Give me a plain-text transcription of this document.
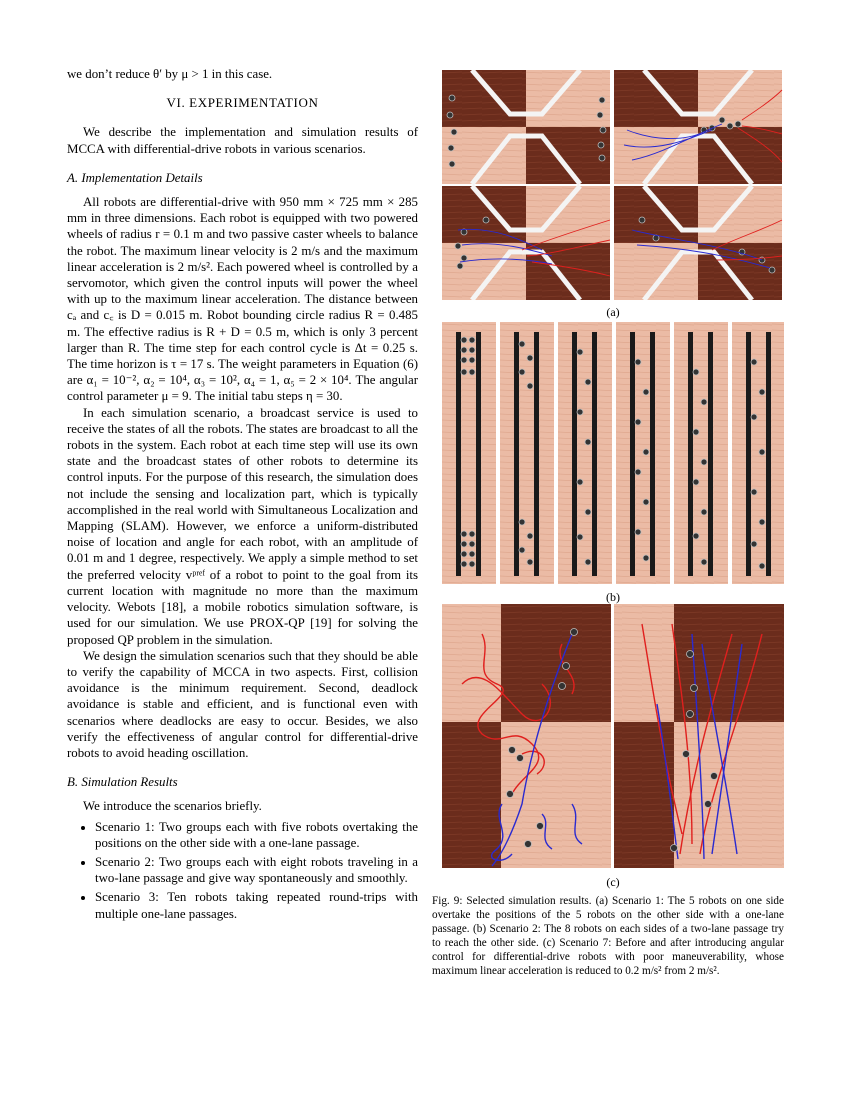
we don’t reduce θ′ by μ > 1 in this case.

VI. EXPERIMENTATION

We describe the implementation and simulation results of MCCA with differential-drive robots in various scenarios.

A. Implementation Details

All robots are differential-drive with 950 mm × 725 mm × 285 mm in three dimensions. Each robot is equipped with two powered wheels of radius r = 0.1 m and two passive caster wheels to balance the robot. The maximum linear velocity is 2 m/s and the maximum linear acceleration is 2 m/s². Each powered wheel is controlled by a servomotor, which given the control inputs will power the wheel with up to the maximum linear acceleration. The distance between cₐ and c꜀ is D = 0.015 m. Robot bounding circle radius R = 0.485 m. The effective radius is R + D = 0.5 m, which is only 3 percent larger than R. The time step for each control cycle is Δt = 0.25 s. The time horizon is τ = 17 s. The weight parameters in Equation (6) are α₁ = 10⁻², α₂ = 10⁴, α₃ = 10², α₄ = 1, α₅ = 2 × 10⁴. The angular control parameter μ = 9. The initial tabu steps η = 30.

In each simulation scenario, a broadcast service is used to receive the states of all the robots. The states are broadcast to all the robots in the system. Each robot at each time step will use its own state and the broadcast states of other robots to determine its control inputs. For the purpose of this research, the simulation does not include the sensing and localization part, which is typically accomplished in the real world with Simultaneous Localization and Mapping (SLAM). However, we enforce a uniform-distributed noise of location and angle for each robot, with an amplitude of 0.01 m and 1 degree, respectively. We apply a simple method to set the preferred velocity vᵖʳᵉᶠ of a robot to point to the goal from its current location with magnitude no more than the maximum velocity. Webots [18], a mobile robotics simulation software, is used for our simulation. We use PROX-QP [19] for solving the proposed QP problem in the simulation.

We design the simulation scenarios such that they should be able to verify the capability of MCCA in two aspects. First, collision avoidance is the minimum requirement. Second, deadlock avoidance is stable and efficient, and is functional even with scenarios where deadlocks are easy to occur. Besides, we also verify the effectiveness of angular control for differential-drive robots to avoid heading oscillation.

B. Simulation Results

We introduce the scenarios briefly.

• Scenario 1: Two groups each with five robots overtaking the positions on the other side with a one-lane passage.
• Scenario 2: Two groups each with eight robots traveling in a two-lane passage and give way spontaneously and smoothly.
• Scenario 3: Ten robots taking repeated round-trips with multiple one-lane passages.
(a)
(b)
(c)
Fig. 9: Selected simulation results. (a) Scenario 1: The 5 robots on one side overtake the positions of the 5 robots on the other side with a one-lane passage. (b) Scenario 2: The 8 robots on each sides of a two-lane passage try to reach the other side. (c) Scenario 7: Before and after introducing angular control for differential-drive robots with poor maneuverability, whose maximum linear acceleration is reduced to 0.2 m/s² from 2 m/s².
